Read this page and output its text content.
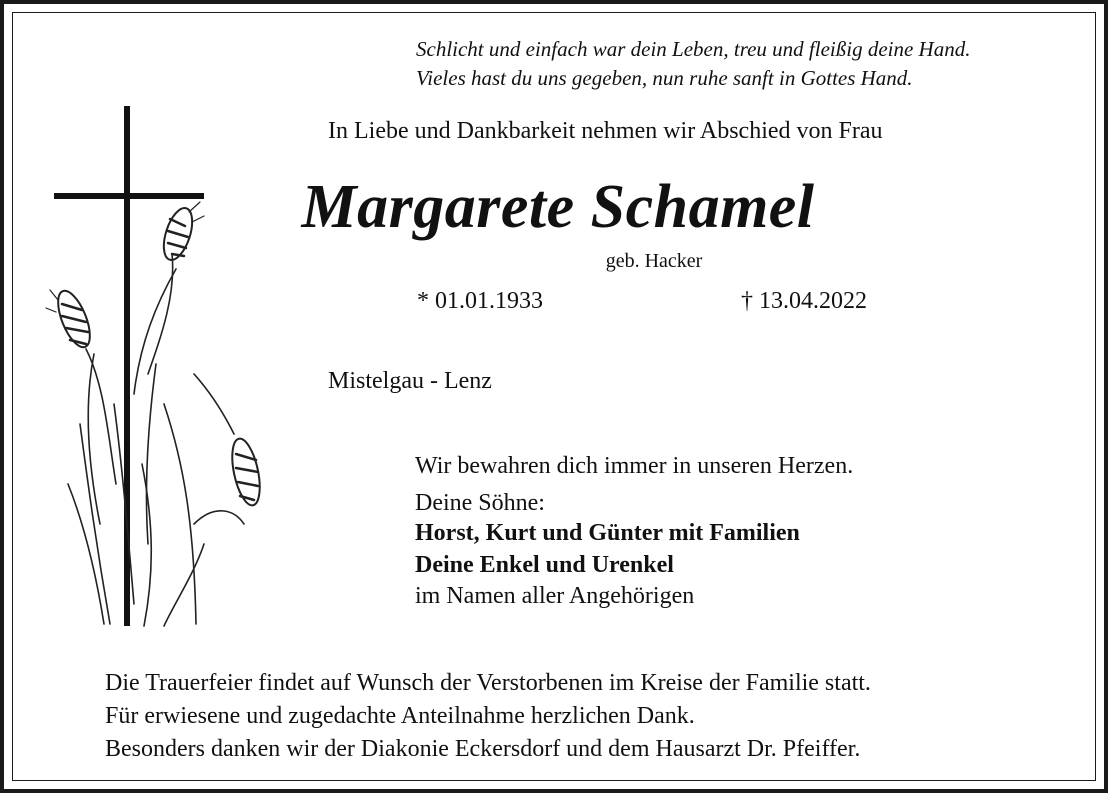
Schlicht und einfach war dein Leben, treu und fleißig deine Hand.
Vieles hast du uns gegeben, nun ruhe sanft in Gottes Hand.
In Liebe und Dankbarkeit nehmen wir Abschied von Frau
Margarete Schamel
geb. Hacker
* 01.01.1933	† 13.04.2022
Mistelgau - Lenz
Wir bewahren dich immer in unseren Herzen.
Deine Söhne:
Horst, Kurt und Günter mit Familien
Deine Enkel und Urenkel
im Namen aller Angehörigen
Die Trauerfeier findet auf Wunsch der Verstorbenen im Kreise der Familie statt.
Für erwiesene und zugedachte Anteilnahme herzlichen Dank.
Besonders danken wir der Diakonie Eckersdorf und dem Hausarzt Dr. Pfeiffer.
